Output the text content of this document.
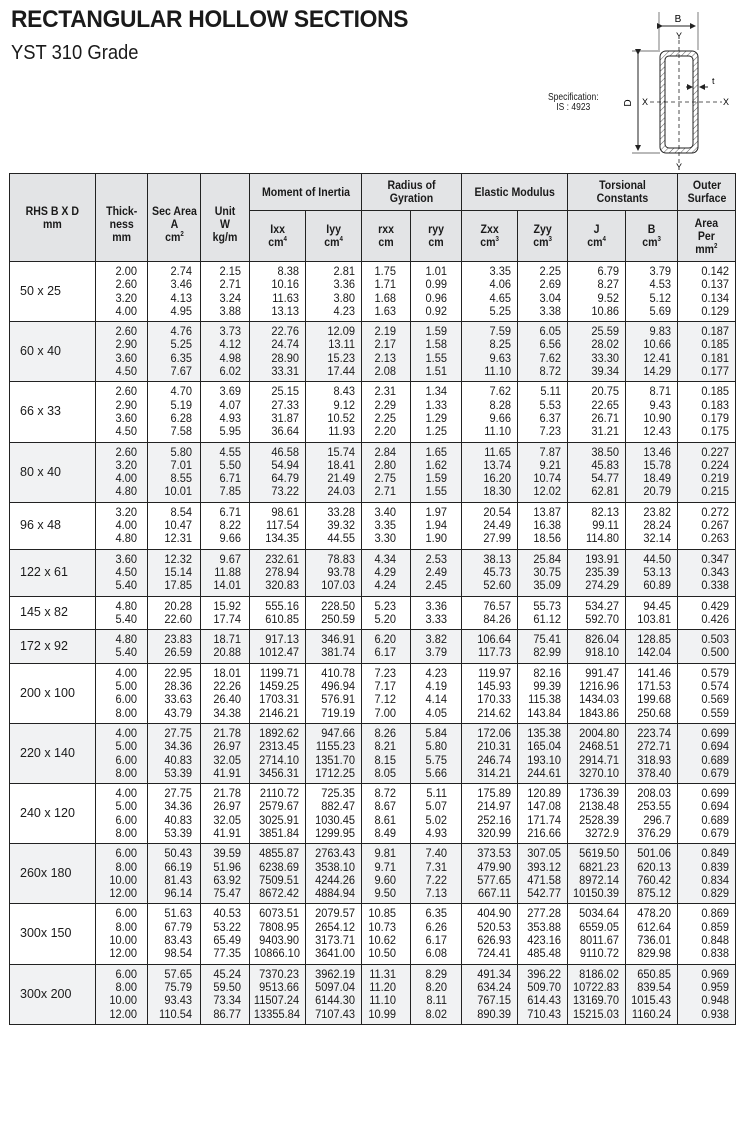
RECTANGULAR HOLLOW SECTIONS
YST 310 Grade
Specification:
IS : 4923
B
D
Y
Y
X	X
t
RHS B X D
mm	Thick-
ness
mm	Sec Area
A
$cm^2$	Unit
W
kg/m	Moment of Inertia		Radius of Gyration		Elastic Modulus		Torsional Constants		Outer
Surface
				Ixx
$cm^4$	Iyy
$cm^4$	rxx
cm	ryy
cm	Zxx
$cm^3$	Zyy
$cm^3$	J
$cm^4$	B
$cm^3$	Area
Per
$mm^2$
50 x 25	2.00
2.60
3.20
4.00	2.74
3.46
4.13
4.95	2.15
2.71
3.24
3.88	8.38
10.16
11.63
13.13	2.81
3.36
3.80
4.23	1.75
1.71
1.68
1.63	1.01
0.99
0.96
0.92	3.35
4.06
4.65
5.25	2.25
2.69
3.04
3.38	6.79
8.27
9.52
10.86	3.79
4.53
5.12
5.69	0.142
0.137
0.134
0.129

60 x 40	2.60
2.90
3.60
4.50	4.76
5.25
6.35
7.67	3.73
4.12
4.98
6.02	22.76
24.74
28.90
33.31	12.09
13.11
15.23
17.44	2.19
2.17
2.13
2.08	1.59
1.58
1.55
1.51	7.59
8.25
9.63
11.10	6.05
6.56
7.62
8.72	25.59
28.02
33.30
39.34	9.83
10.66
12.41
14.29	0.187
0.185
0.181
0.177

66 x 33	2.60
2.90
3.60
4.50	4.70
5.19
6.28
7.58	3.69
4.07
4.93
5.95	25.15
27.33
31.87
36.64	8.43
9.12
10.52
11.93	2.31
2.29
2.25
2.20	1.34
1.33
1.29
1.25	7.62
8.28
9.66
11.10	5.11
5.53
6.37
7.23	20.75
22.65
26.71
31.21	8.71
9.43
10.90
12.43	0.185
0.183
0.179
0.175

80 x 40	2.60
3.20
4.00
4.80	5.80
7.01
8.55
10.01	4.55
5.50
6.71
7.85	46.58
54.94
64.79
73.22	15.74
18.41
21.49
24.03	2.84
2.80
2.75
2.71	1.65
1.62
1.59
1.55	11.65
13.74
16.20
18.30	7.87
9.21
10.74
12.02	38.50
45.83
54.77
62.81	13.46
15.78
18.49
20.79	0.227
0.224
0.219
0.215

96 x 48	3.20
4.00
4.80	8.54
10.47
12.31	6.71
8.22
9.66	98.61
117.54
134.35	33.28
39.32
44.55	3.40
3.35
3.30	1.97
1.94
1.90	20.54
24.49
27.99	13.87
16.38
18.56	82.13
99.11
114.80	23.82
28.24
32.14	0.272
0.267
0.263

122 x 61	3.60
4.50
5.40	12.32
15.14
17.85	9.67
11.88
14.01	232.61
278.94
320.83	78.83
93.78
107.03	4.34
4.29
4.24	2.53
2.49
2.45	38.13
45.73
52.60	25.84
30.75
35.09	193.91
235.39
274.29	44.50
53.13
60.89	0.347
0.343
0.338

145 x 82	4.80
5.40	20.28
22.60	15.92
17.74	555.16
610.85	228.50
250.59	5.23
5.20	3.36
3.33	76.57
84.26	55.73
61.12	534.27
592.70	94.45
103.81	0.429
0.426

172 x 92	4.80
5.40	23.83
26.59	18.71
20.88	917.13
1012.47	346.91
381.74	6.20
6.17	3.82
3.79	106.64
117.73	75.41
82.99	826.04
918.10	128.85
142.04	0.503
0.500

200 x 100	4.00
5.00
6.00
8.00	22.95
28.36
33.63
43.79	18.01
22.26
26.40
34.38	1199.71
1459.25
1703.31
2146.21	410.78
496.94
576.91
719.19	7.23
7.17
7.12
7.00	4.23
4.19
4.14
4.05	119.97
145.93
170.33
214.62	82.16
99.39
115.38
143.84	991.47
1216.96
1434.03
1843.86	141.46
171.53
199.68
250.68	0.579
0.574
0.569
0.559

220 x 140	4.00
5.00
6.00
8.00	27.75
34.36
40.83
53.39	21.78
26.97
32.05
41.91	1892.62
2313.45
2714.10
3456.31	947.66
1155.23
1351.70
1712.25	8.26
8.21
8.15
8.05	5.84
5.80
5.75
5.66	172.06
210.31
246.74
314.21	135.38
165.04
193.10
244.61	2004.80
2468.51
2914.71
3270.10	223.74
272.71
318.93
378.40	0.699
0.694
0.689
0.679

240 x 120	4.00
5.00
6.00
8.00	27.75
34.36
40.83
53.39	21.78
26.97
32.05
41.91	2110.72
2579.67
3025.91
3851.84	725.35
882.47
1030.45
1299.95	8.72
8.67
8.61
8.49	5.11
5.07
5.02
4.93	175.89
214.97
252.16
320.99	120.89
147.08
171.74
216.66	1736.39
2138.48
2528.39
3272.9	208.03
253.55
296.7
376.29	0.699
0.694
0.689
0.679

260x 180	6.00
8.00
10.00
12.00	50.43
66.19
81.43
96.14	39.59
51.96
63.92
75.47	4855.87
6238.69
7509.51
8672.42	2763.43
3538.10
4244.26
4884.94	9.81
9.71
9.60
9.50	7.40
7.31
7.22
7.13	373.53
479.90
577.65
667.11	307.05
393.12
471.58
542.77	5619.50
6821.23
8972.14
10150.39	501.06
620.13
760.42
875.12	0.849
0.839
0.834
0.829

300x 150	6.00
8.00
10.00
12.00	51.63
67.79
83.43
98.54	40.53
53.22
65.49
77.35	6073.51
7808.95
9403.90
10866.10	2079.57
2654.12
3173.71
3641.00	10.85
10.73
10.62
10.50	6.35
6.26
6.17
6.08	404.90
520.53
626.93
724.41	277.28
353.88
423.16
485.48	5034.64
6559.05
8011.67
9110.72	478.20
612.64
736.01
829.98	0.869
0.859
0.848
0.838

300x 200	6.00
8.00
10.00
12.00	57.65
75.79
93.43
110.54	45.24
59.50
73.34
86.77	7370.23
9513.66
11507.24
13355.84	3962.19
5097.04
6144.30
7107.43	11.31
11.20
11.10
10.99	8.29
8.20
8.11
8.02	491.34
634.24
767.15
890.39	396.22
509.70
614.43
710.43	8186.02
10722.83
13169.70
15215.03	650.85
839.54
1015.43
1160.24	0.969
0.959
0.948
0.938
